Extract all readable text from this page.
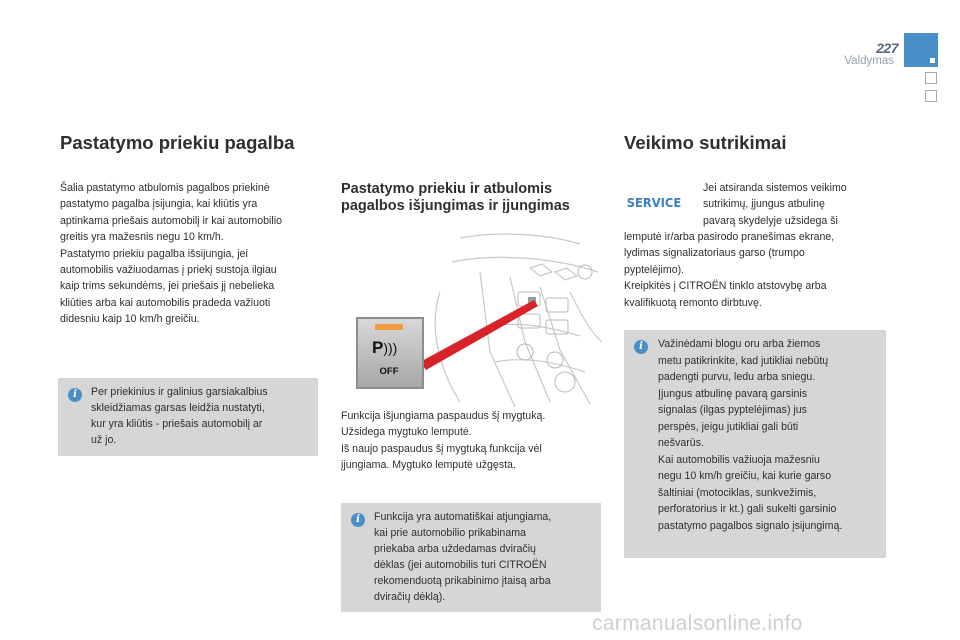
227
Valdymas
Pastatymo priekiu pagalba
Šalia pastatymo atbulomis pagalbos priekinė
pastatymo pagalba įsijungia, kai kliūtis yra
aptinkama priešais automobilį ir kai automobilio
greitis yra mažesnis negu 10 km/h.
Pastatymo priekiu pagalba išsijungia, jei
automobilis važiuodamas į priekį sustoja ilgiau
kaip trims sekundėms, jei priešais jį nebelieka
kliūties arba kai automobilis pradeda važiuoti
didesniu kaip 10 km/h greičiu.
i	Per priekinius ir galinius garsiakalbius
skleidžiamas garsas leidžia nustatyti,
kur yra kliūtis - priešais automobilį ar
už jo.
Pastatymo priekiu ir atbulomis
pagalbos išjungimas ir įjungimas
P)))
OFF
Funkcija išjungiama paspaudus šį mygtuką.
Užsidega mygtuko lemputė.
Iš naujo paspaudus šį mygtuką funkcija vėl
įjungiama. Mygtuko lemputė užgęsta.
i	Funkcija yra automatiškai atjungiama,
kai prie automobilio prikabinama
priekaba arba uždedamas dviračių
dėklas (jei automobilis turi CITROËN
rekomenduotą prikabinimo įtaisą arba
dviračių dėklą).
Veikimo sutrikimai
SERVICE
Jei atsiranda sistemos veikimo
sutrikimų, įjungus atbulinę
pavarą skydelyje užsidega ši
lemputė ir/arba pasirodo pranešimas ekrane,
lydimas signalizatoriaus garso (trumpo
pyptelėjimo).
Kreipkitės į CITROËN tinklo atstovybę arba
kvalifikuotą remonto dirbtuvę.
i	Važinėdami blogu oru arba žiemos
metu patikrinkite, kad jutikliai nebūtų
padengti purvu, ledu arba sniegu.
Įjungus atbulinę pavarą garsinis
signalas (ilgas pyptelėjimas) jus
perspės, jeigu jutikliai gali būti
nešvarūs.
Kai automobilis važiuoja mažesniu
negu 10 km/h greičiu, kai kurie garso
šaltiniai (motociklas, sunkvežimis,
perforatorius ir kt.) gali sukelti garsinio
pastatymo pagalbos signalo įsijungimą.
carmanualsonline.info
